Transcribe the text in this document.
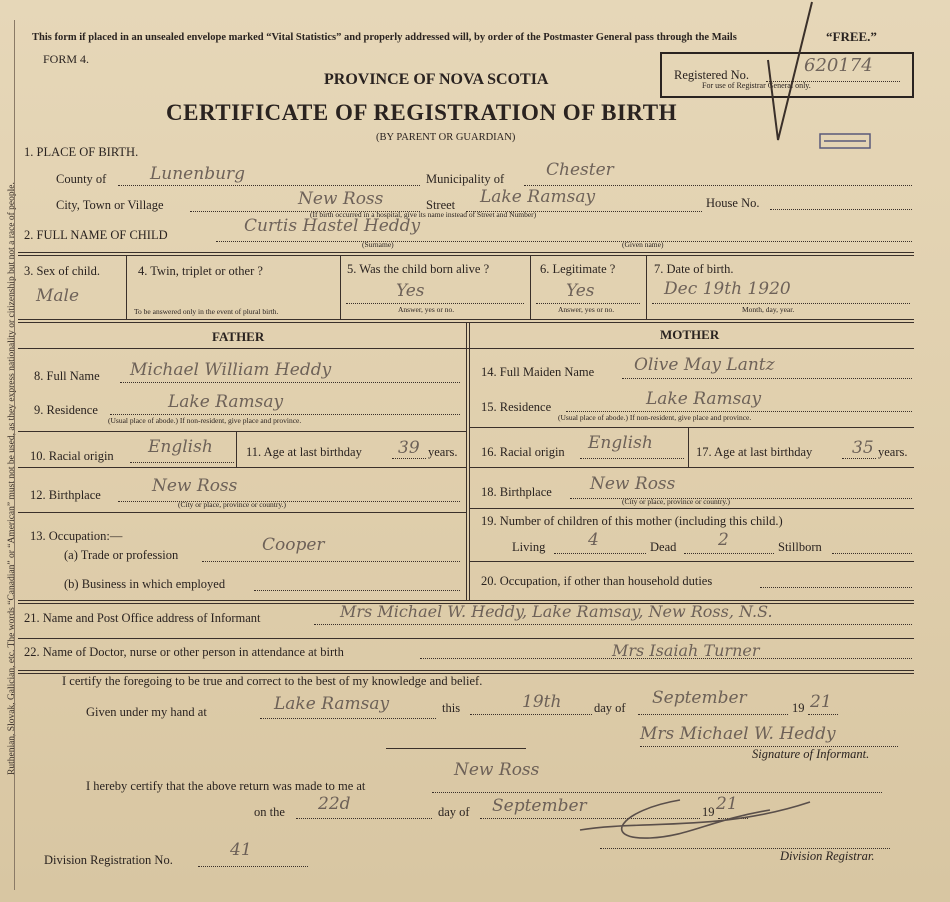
Ruthenian, Slovak, Galician, etc. The words “Canadian” or “American” must not be used, as they express nationality or citizenship but not a race of people.
This form if placed in an unsealed envelope marked “Vital Statistics” and properly addressed will, by order of the Postmaster General pass through the Mails	“FREE.”
FORM 4.
PROVINCE OF NOVA SCOTIA
CERTIFICATE OF REGISTRATION OF BIRTH
(BY PARENT OR GUARDIAN)
Registered No.	620174
For use of Registrar General only.
1. PLACE OF BIRTH.
County of	Lunenburg	Municipality of Chester
City, Town or Village	New Ross	Street Lake Ramsay	House No.
(If birth occurred in a hospital, give its name instead of Street and Number)
2. FULL NAME OF CHILD	Curtis Hastel Heddy
(Surname)	(Given name)
3. Sex of child.
Male
4. Twin, triplet or other ?
To be answered only in the event of plural birth.
5. Was the child born alive ?
Yes
Answer, yes or no.
6. Legitimate ?
Yes
Answer, yes or no.
7. Date of birth.
Dec 19th 1920
Month, day, year.
FATHER	MOTHER
8. Full Name Michael William Heddy
9. Residence	Lake Ramsay
(Usual place of abode.) If non-resident, give place and province.
10. Racial origin English	11. Age at last birthday 39 years.
12. Birthplace	New Ross
(City or place, province or country.)
13. Occupation:—
(a) Trade or profession	Cooper
(b) Business in which employed
14. Full Maiden Name Olive May Lantz
15. Residence	Lake Ramsay
(Usual place of abode.) If non-resident, give place and province.
16. Racial origin English	17. Age at last birthday 35 years.
18. Birthplace New Ross
(City or place, province or country.)
19. Number of children of this mother (including this child.)
Living	4	Dead 2	Stillborn
20. Occupation, if other than household duties
21. Name and Post Office address of Informant	Mrs Michael W. Heddy, Lake Ramsay, New Ross, N.S.
22. Name of Doctor, nurse or other person in attendance at birth	Mrs Isaiah Turner
I certify the foregoing to be true and correct to the best of my knowledge and belief.
Given under my hand at	Lake Ramsay	this	19th	day of September	19 21
Mrs Michael W. Heddy
Signature of Informant.
I hereby certify that the above return was made to me at
New Ross
on the 22d	day of September	19 21
Division Registrar.
Division Registration No.	41
